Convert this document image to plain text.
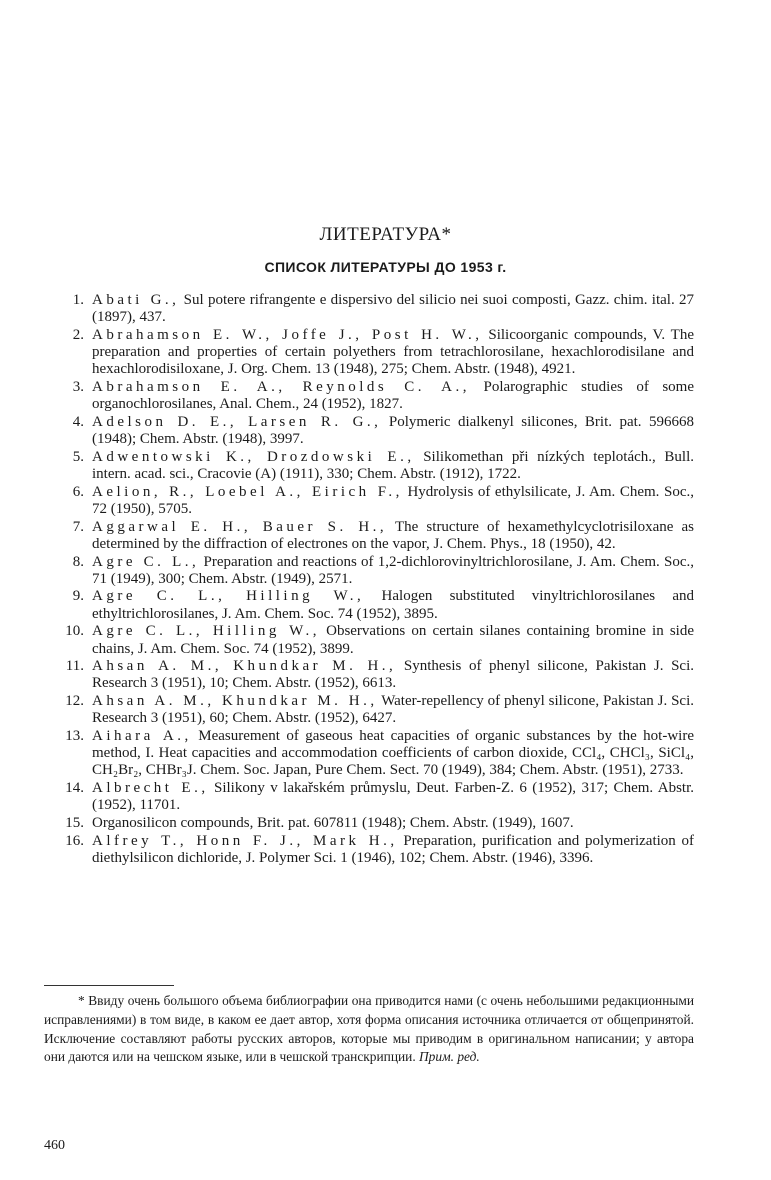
ЛИТЕРАТУРА*
СПИСОК ЛИТЕРАТУРЫ ДО 1953 г.
1. Abati G., Sul potere rifrangente e dispersivo del silicio nei suoi composti, Gazz. chim. ital. 27 (1897), 437.
2. Abrahamson E. W., Joffe J., Post H. W., Silicoorganic compounds, V. The preparation and properties of certain polyethers from tetrachlorosilane, hexachlorodisilane and hexachlorodisiloxane, J. Org. Chem. 13 (1948), 275; Chem. Abstr. (1948), 4921.
3. Abrahamson E. A., Reynolds C. A., Polarographic studies of some organochlorosilanes, Anal. Chem., 24 (1952), 1827.
4. Adelson D. E., Larsen R. G., Polymeric dialkenyl silicones, Brit. pat. 596668 (1948); Chem. Abstr. (1948), 3997.
5. Adwentowski K., Drozdowski E., Silikomethan při nízkých teplotách., Bull. intern. acad. sci., Cracovie (A) (1911), 330; Chem. Abstr. (1912), 1722.
6. Aelion, R., Loebel A., Eirich F., Hydrolysis of ethylsilicate, J. Am. Chem. Soc., 72 (1950), 5705.
7. Aggarwal E. H., Bauer S. H., The structure of hexamethylcyclotrisiloxane as determined by the diffraction of electrones on the vapor, J. Chem. Phys., 18 (1950), 42.
8. Agre C. L., Preparation and reactions of 1,2-dichlorovinyltrichlorosilane, J. Am. Chem. Soc., 71 (1949), 300; Chem. Abstr. (1949), 2571.
9. Agre C. L., Hilling W., Halogen substituted vinyltrichlorosilanes and ethyltrichlorosilanes, J. Am. Chem. Soc. 74 (1952), 3895.
10. Agre C. L., Hilling W., Observations on certain silanes containing bromine in side chains, J. Am. Chem. Soc. 74 (1952), 3899.
11. Ahsan A. M., Khundkar M. H., Synthesis of phenyl silicone, Pakistan J. Sci. Research 3 (1951), 10; Chem. Abstr. (1952), 6613.
12. Ahsan A. M., Khundkar M. H., Water-repellency of phenyl silicone, Pakistan J. Sci. Research 3 (1951), 60; Chem. Abstr. (1952), 6427.
13. Aihara A., Measurement of gaseous heat capacities of organic substances by the hot-wire method, I. Heat capacities and accommodation coefficients of carbon dioxide, CCl₄, CHCl₃, SiCl₄, CH₂Br₂, CHBr₃J. Chem. Soc. Japan, Pure Chem. Sect. 70 (1949), 384; Chem. Abstr. (1951), 2733.
14. Albrecht E., Silikony v lakařském průmyslu, Deut. Farben-Z. 6 (1952), 317; Chem. Abstr. (1952), 11701.
15. Organosilicon compounds, Brit. pat. 607811 (1948); Chem. Abstr. (1949), 1607.
16. Alfrey T., Honn F. J., Mark H., Preparation, purification and polymerization of diethylsilicon dichloride, J. Polymer Sci. 1 (1946), 102; Chem. Abstr. (1946), 3396.
* Ввиду очень большого объема библиографии она приводится нами (с очень небольшими редакционными исправлениями) в том виде, в каком ее дает автор, хотя форма описания источника отличается от общепринятой. Исключение составляют работы русских авторов, которые мы приводим в оригинальном написании; у автора они даются или на чешском языке, или в чешской транскрипции. Прим. ред.
460
